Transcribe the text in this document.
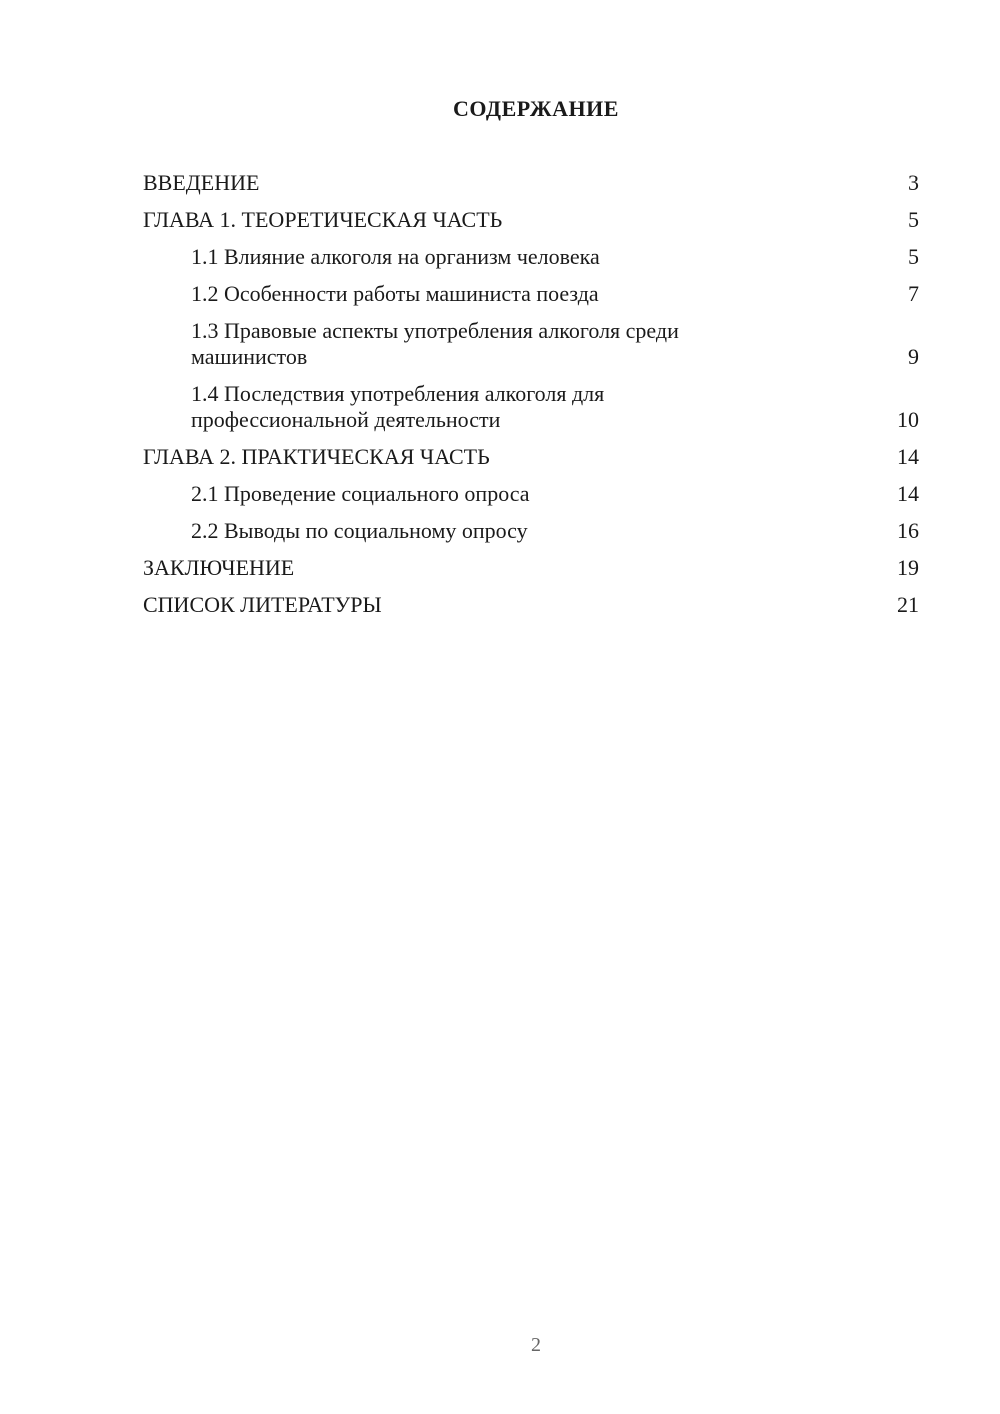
СОДЕРЖАНИЕ
ВВЕДЕНИЕ	3
ГЛАВА 1. ТЕОРЕТИЧЕСКАЯ ЧАСТЬ	5
1.1 Влияние алкоголя на организм человека	5
1.2 Особенности работы машиниста поезда	7
1.3 Правовые аспекты употребления алкоголя среди машинистов	9
1.4 Последствия употребления алкоголя для профессиональной деятельности	10
ГЛАВА 2. ПРАКТИЧЕСКАЯ ЧАСТЬ	14
2.1 Проведение социального опроса	14
2.2 Выводы по социальному опросу	16
ЗАКЛЮЧЕНИЕ	19
СПИСОК ЛИТЕРАТУРЫ	21
2
